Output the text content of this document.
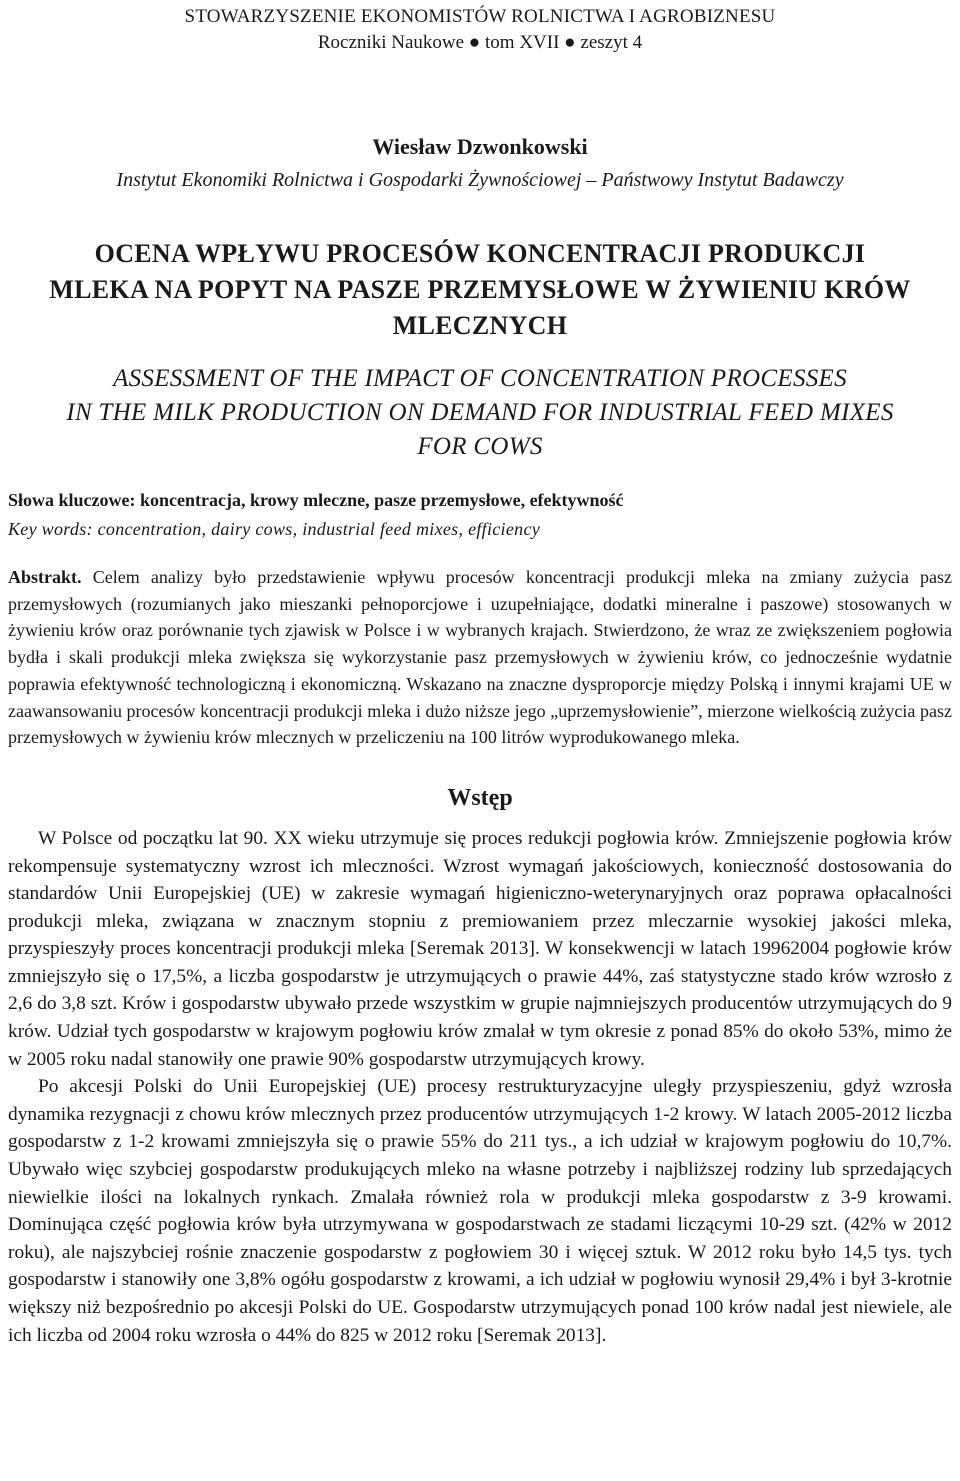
STOWARZYSZENIE EKONOMISTÓW ROLNICTWA I AGROBIZNESU
Roczniki Naukowe ● tom XVII ● zeszyt 4
Wiesław Dzwonkowski
Instytut Ekonomiki Rolnictwa i Gospodarki Żywnościowej – Państwowy Instytut Badawczy
OCENA WPŁYWU PROCESÓW KONCENTRACJI PRODUKCJI
MLEKA NA POPYT NA PASZE PRZEMYSŁOWE W ŻYWIENIU KRÓW
MLECZNYCH
ASSESSMENT OF THE IMPACT OF CONCENTRATION PROCESSES
IN THE MILK PRODUCTION ON DEMAND FOR INDUSTRIAL FEED MIXES
FOR COWS
Słowa kluczowe: koncentracja, krowy mleczne, pasze przemysłowe, efektywność
Key words: concentration, dairy cows, industrial feed mixes, efficiency
Abstrakt. Celem analizy było przedstawienie wpływu procesów koncentracji produkcji mleka na zmiany zużycia pasz przemysłowych (rozumianych jako mieszanki pełnoporcjowe i uzupełniające, dodatki mineralne i paszowe) stosowanych w żywieniu krów oraz porównanie tych zjawisk w Polsce i w wybranych krajach. Stwierdzono, że wraz ze zwiększeniem pogłowia bydła i skali produkcji mleka zwiększa się wykorzystanie pasz przemysłowych w żywieniu krów, co jednocześnie wydatnie poprawia efektywność technologiczną i ekonomiczną. Wskazano na znaczne dysproporcje między Polską i innymi krajami UE w zaawansowaniu procesów koncentracji produkcji mleka i dużo niższe jego „uprzemysłowienie”, mierzone wielkością zużycia pasz przemysłowych w żywieniu krów mlecznych w przeliczeniu na 100 litrów wyprodukowanego mleka.
Wstęp

W Polsce od początku lat 90. XX wieku utrzymuje się proces redukcji pogłowia krów. Zmniejszenie pogłowia krów rekompensuje systematyczny wzrost ich mleczności. Wzrost wymagań jakościowych, konieczność dostosowania do standardów Unii Europejskiej (UE) w zakresie wymagań higieniczno-weterynaryjnych oraz poprawa opłacalności produkcji mleka, związana w znacznym stopniu z premiowaniem przez mleczarnie wysokiej jakości mleka, przyspieszyły proces koncentracji produkcji mleka [Seremak 2013]. W konsekwencji w latach 19962004 pogłowie krów zmniejszyło się o 17,5%, a liczba gospodarstw je utrzymujących o prawie 44%, zaś statystyczne stado krów wzrosło z 2,6 do 3,8 szt. Krów i gospodarstw ubywało przede wszystkim w grupie najmniejszych producentów utrzymujących do 9 krów. Udział tych gospodarstw w krajowym pogłowiu krów zmalał w tym okresie z ponad 85% do około 53%, mimo że w 2005 roku nadal stanowiły one prawie 90% gospodarstw utrzymujących krowy.

Po akcesji Polski do Unii Europejskiej (UE) procesy restrukturyzacyjne uległy przyspieszeniu, gdyż wzrosła dynamika rezygnacji z chowu krów mlecznych przez producentów utrzymujących 1-2 krowy. W latach 2005-2012 liczba gospodarstw z 1-2 krowami zmniejszyła się o prawie 55% do 211 tys., a ich udział w krajowym pogłowiu do 10,7%. Ubywało więc szybciej gospodarstw produkujących mleko na własne potrzeby i najbliższej rodziny lub sprzedających niewielkie ilości na lokalnych rynkach. Zmalała również rola w produkcji mleka gospodarstw z 3-9 krowami. Dominująca część pogłowia krów była utrzymywana w gospodarstwach ze stadami liczącymi 10-29 szt. (42% w 2012 roku), ale najszybciej rośnie znaczenie gospodarstw z pogłowiem 30 i więcej sztuk. W 2012 roku było 14,5 tys. tych gospodarstw i stanowiły one 3,8% ogółu gospodarstw z krowami, a ich udział w pogłowiu wynosił 29,4% i był 3-krotnie większy niż bezpośrednio po akcesji Polski do UE. Gospodarstw utrzymujących ponad 100 krów nadal jest niewiele, ale ich liczba od 2004 roku wzrosła o 44% do 825 w 2012 roku [Seremak 2013].
